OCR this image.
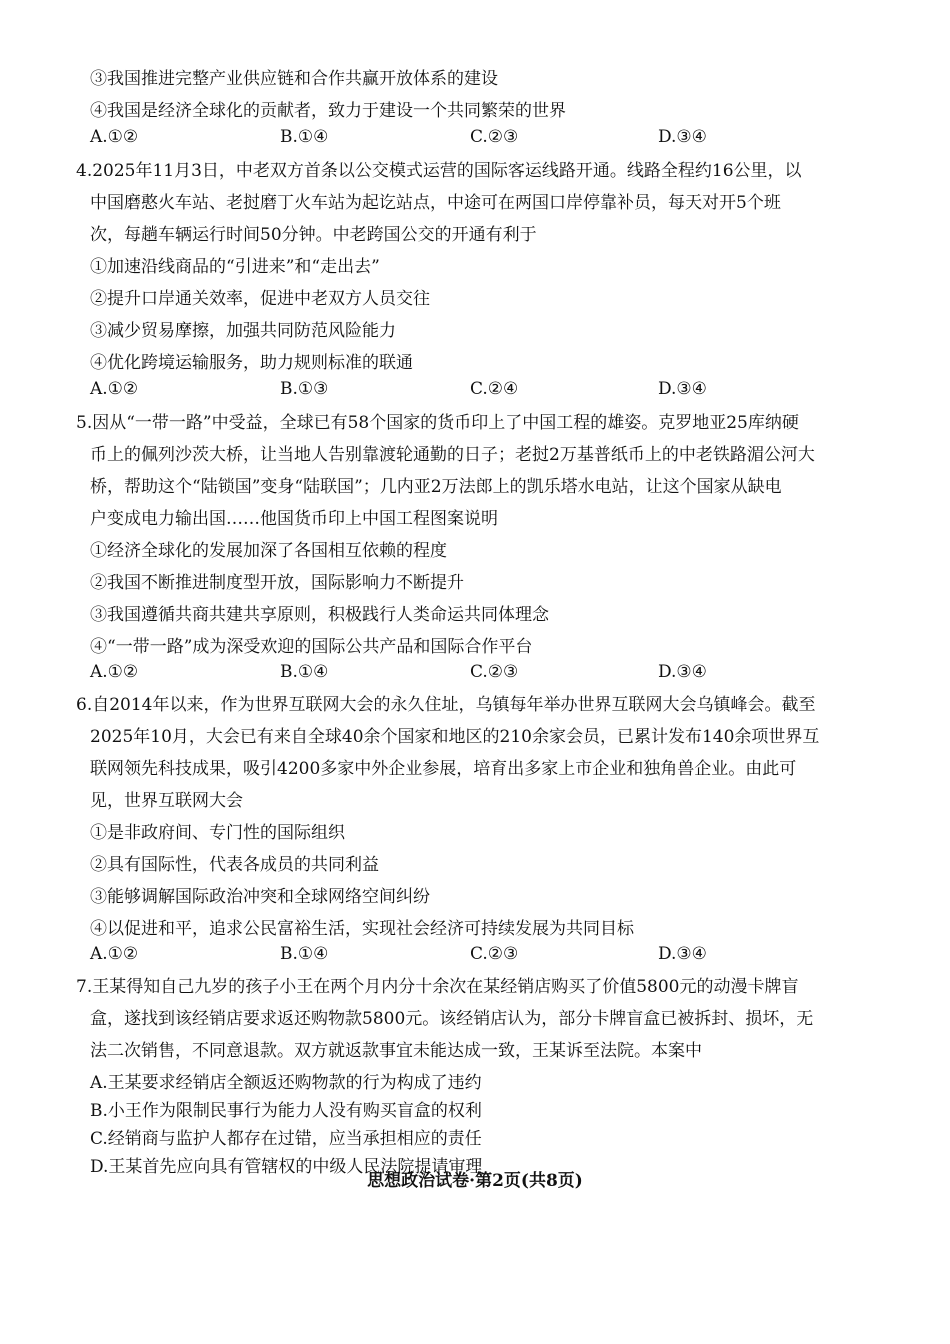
思想政治试卷·第2页(共8页)
③我国推进完整产业供应链和合作共赢开放体系的建设
④我国是经济全球化的贡献者，致力于建设一个共同繁荣的世界
A.①②	B.①④	C.②③	D.③④
4.2025年11月3日，中老双方首条以公交模式运营的国际客运线路开通。线路全程约16公里，以
中国磨憨火车站、老挝磨丁火车站为起讫站点，中途可在两国口岸停靠补员，每天对开5个班
次，每趟车辆运行时间50分钟。中老跨国公交的开通有利于
①加速沿线商品的“引进来”和“走出去”
②提升口岸通关效率，促进中老双方人员交往
③减少贸易摩擦，加强共同防范风险能力
④优化跨境运输服务，助力规则标准的联通
A.①②	B.①③	C.②④	D.③④
5.因从“一带一路”中受益，全球已有58个国家的货币印上了中国工程的雄姿。克罗地亚25库纳硬
币上的佩列沙茨大桥，让当地人告别靠渡轮通勤的日子；老挝2万基普纸币上的中老铁路湄公河大
桥，帮助这个“陆锁国”变身“陆联国”；几内亚2万法郎上的凯乐塔水电站，让这个国家从缺电
户变成电力输出国……他国货币印上中国工程图案说明
①经济全球化的发展加深了各国相互依赖的程度
②我国不断推进制度型开放，国际影响力不断提升
③我国遵循共商共建共享原则，积极践行人类命运共同体理念
④“一带一路”成为深受欢迎的国际公共产品和国际合作平台
A.①②	B.①④	C.②③	D.③④
6.自2014年以来，作为世界互联网大会的永久住址，乌镇每年举办世界互联网大会乌镇峰会。截至
2025年10月，大会已有来自全球40余个国家和地区的210余家会员，已累计发布140余项世界互
联网领先科技成果，吸引4200多家中外企业参展，培育出多家上市企业和独角兽企业。由此可
见，世界互联网大会
①是非政府间、专门性的国际组织
②具有国际性，代表各成员的共同利益
③能够调解国际政治冲突和全球网络空间纠纷
④以促进和平，追求公民富裕生活，实现社会经济可持续发展为共同目标
A.①②	B.①④	C.②③	D.③④
7.王某得知自己九岁的孩子小王在两个月内分十余次在某经销店购买了价值5800元的动漫卡牌盲
盒，遂找到该经销店要求返还购物款5800元。该经销店认为，部分卡牌盲盒已被拆封、损坏，无
法二次销售，不同意退款。双方就返款事宜未能达成一致，王某诉至法院。本案中
A.王某要求经销店全额返还购物款的行为构成了违约
B.小王作为限制民事行为能力人没有购买盲盒的权利
C.经销商与监护人都存在过错，应当承担相应的责任
D.王某首先应向具有管辖权的中级人民法院提请审理
